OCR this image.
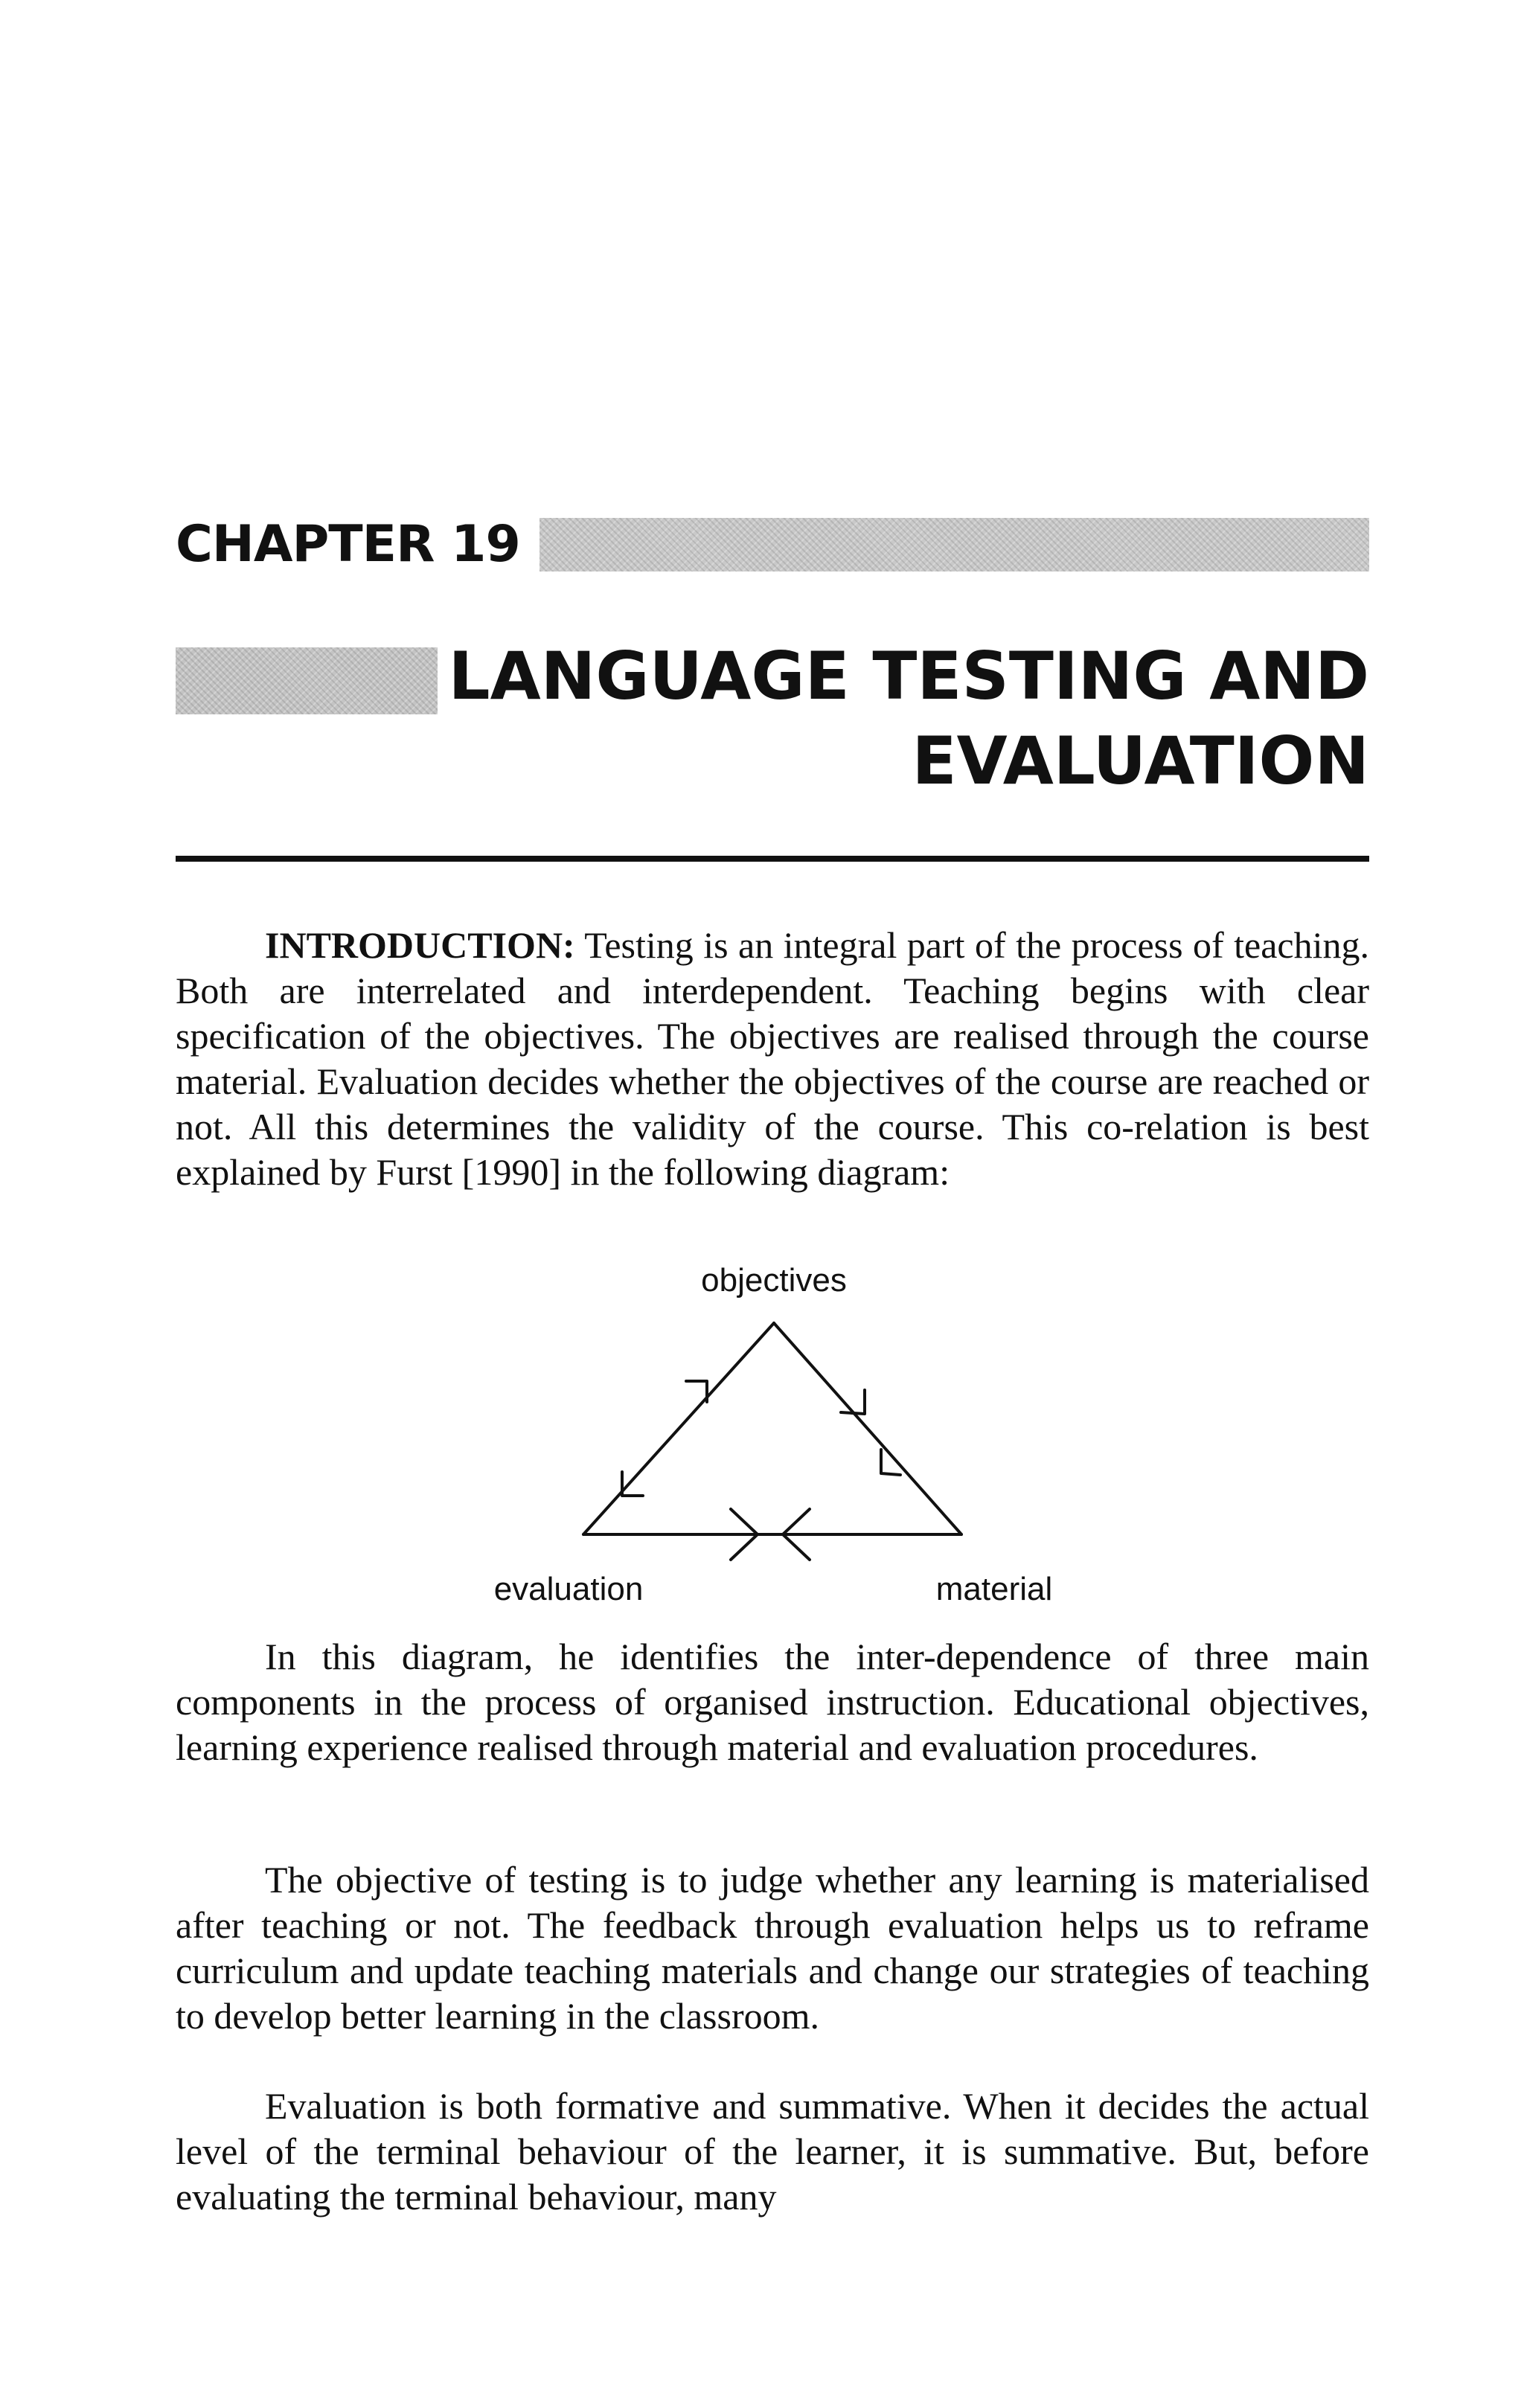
CHAPTER 19
LANGUAGE TESTING AND
EVALUATION

INTRODUCTION: Testing is an integral part of the process of teaching. Both are interrelated and interdependent. Teaching begins with clear specification of the objectives. The objectives are realised through the course material. Evaluation decides whether the objectives of the course are reached or not. All this determines the validity of the course. This co-relation is best explained by Furst [1990] in the following diagram:

objectives
evaluation	material

In this diagram, he identifies the inter-dependence of three main components in the process of organised instruction. Educational objectives, learning experience realised through material and evaluation procedures.

The objective of testing is to judge whether any learning is materialised after teaching or not. The feedback through evaluation helps us to reframe curriculum and update teaching materials and change our strategies of teaching to develop better learning in the classroom.

Evaluation is both formative and summative. When it decides the actual level of the terminal behaviour of the learner, it is summative. But, before evaluating the terminal behaviour, many
